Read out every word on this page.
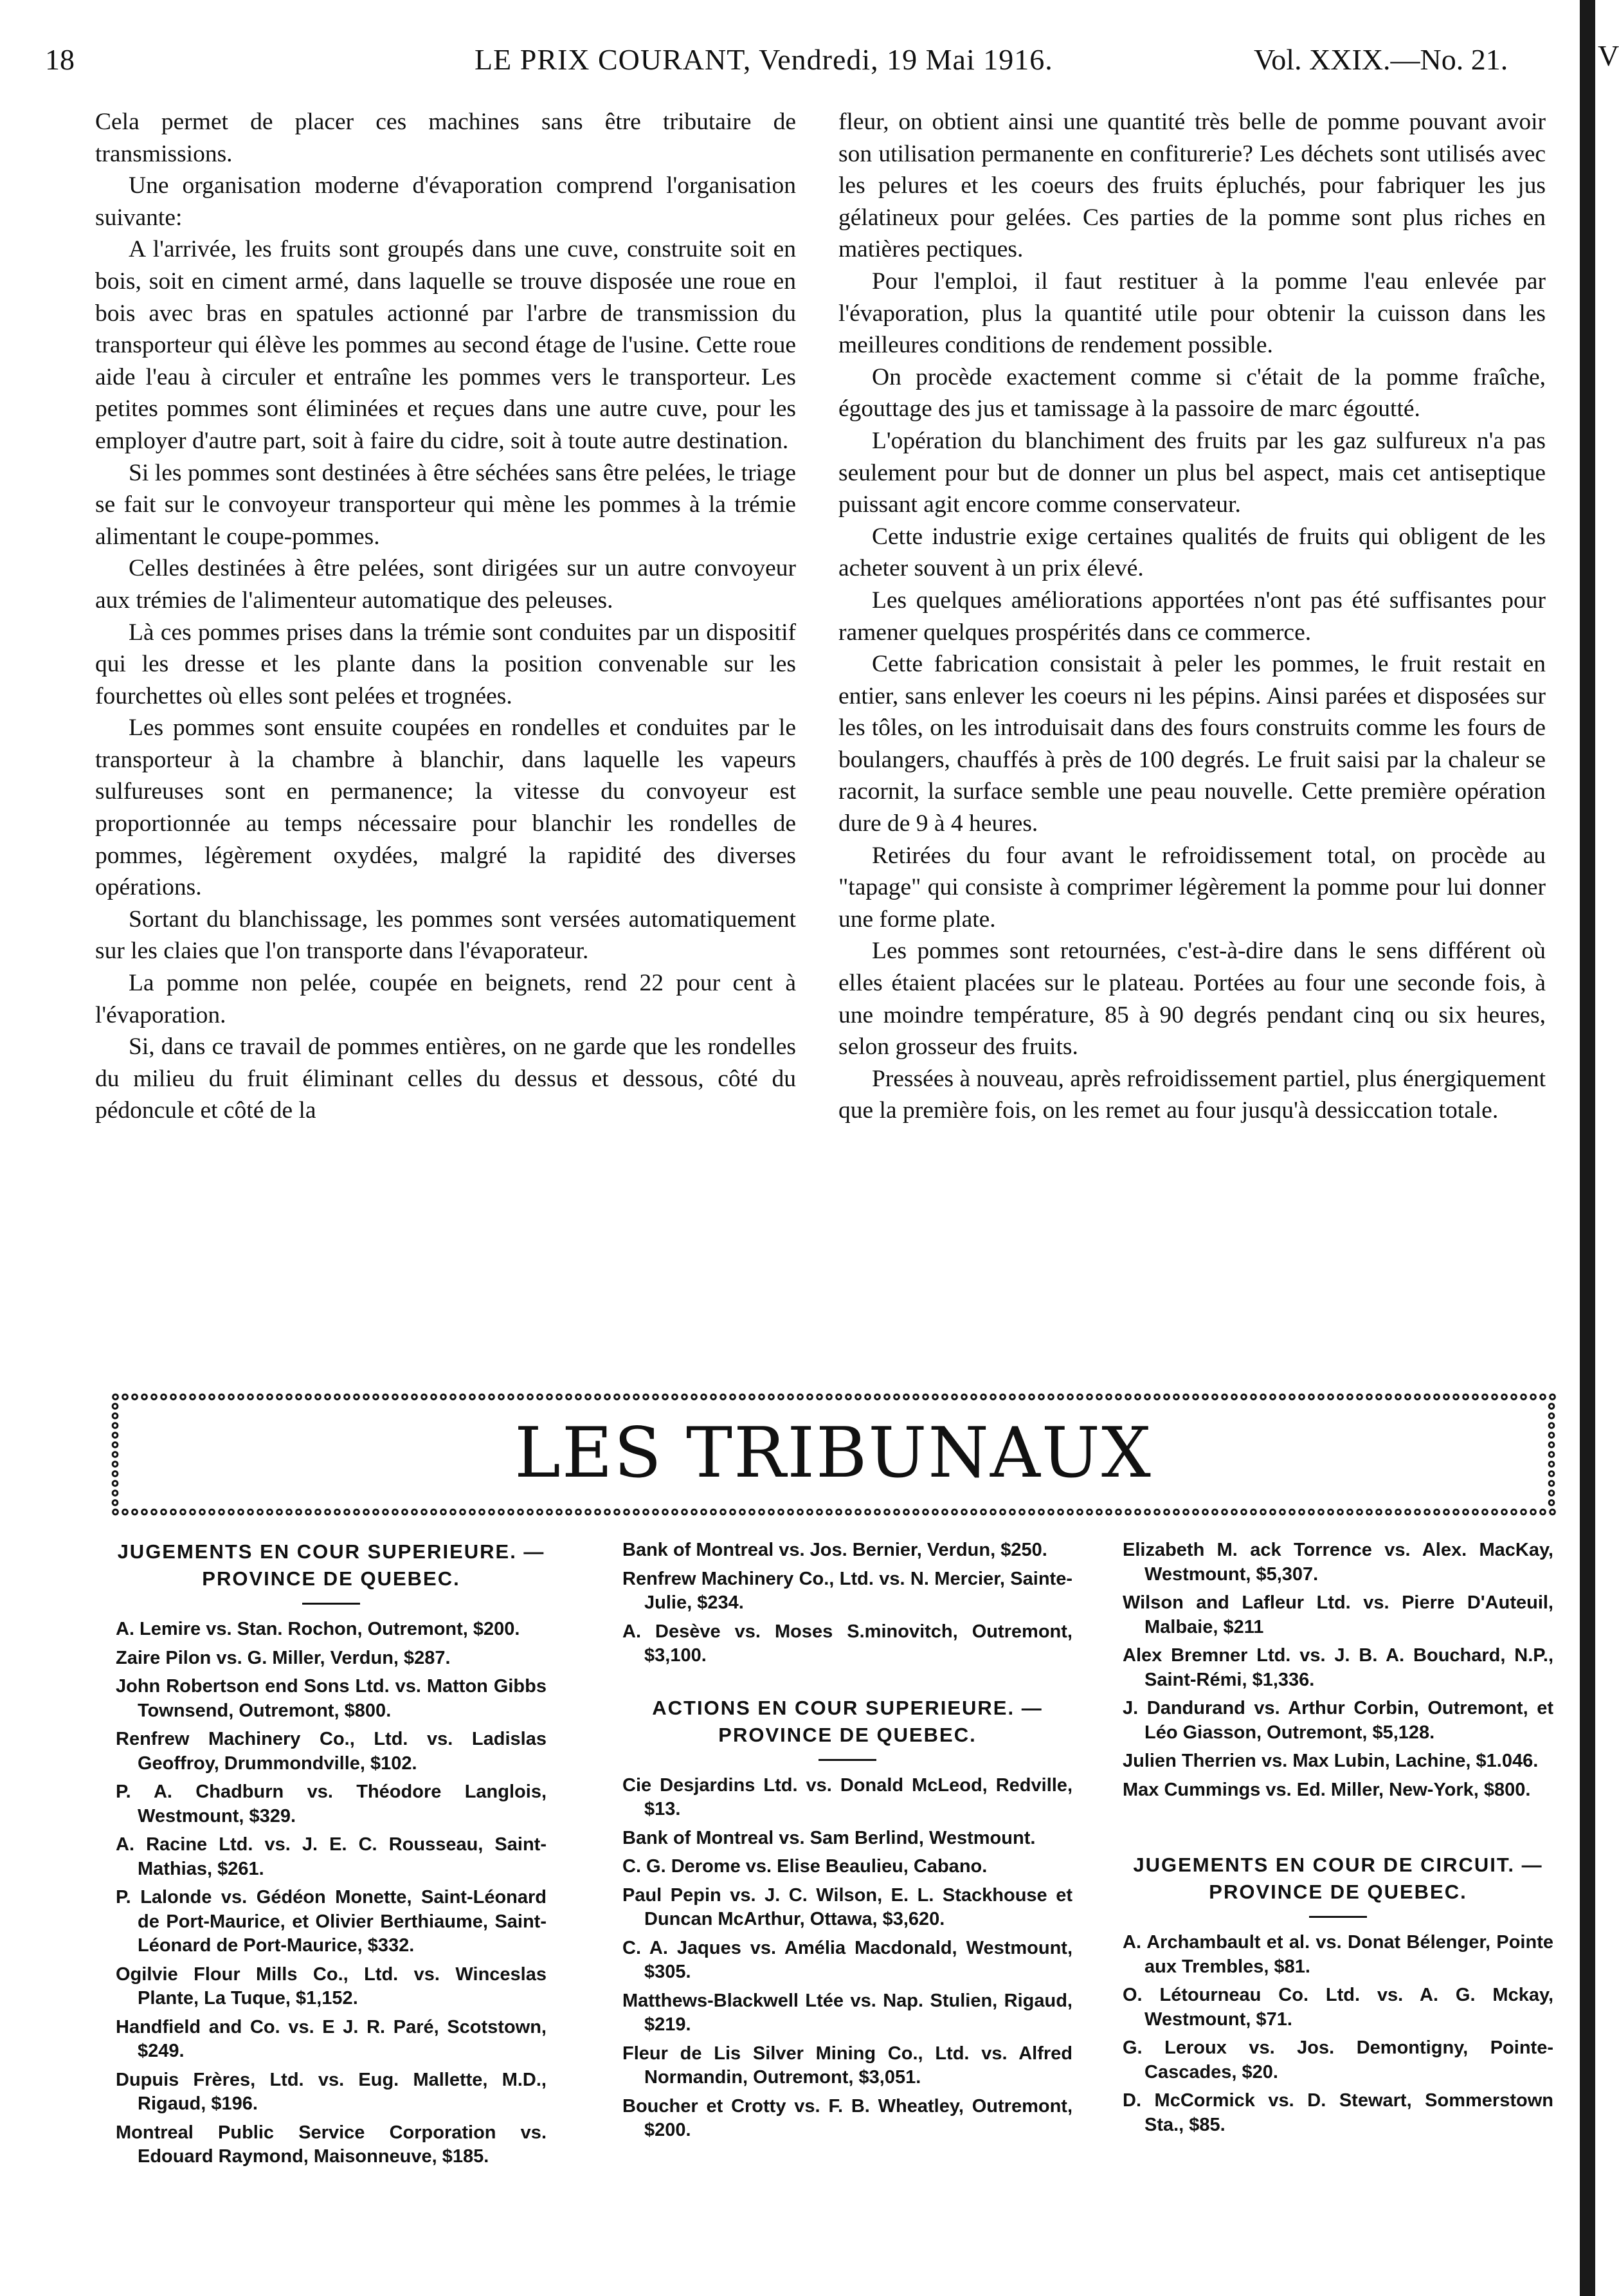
V
18	LE PRIX COURANT, Vendredi, 19 Mai 1916.	Vol. XXIX.—No. 21.

Cela permet de placer ces machines sans être tributaire de transmissions.

Une organisation moderne d'évaporation comprend l'organisation suivante:

A l'arrivée, les fruits sont groupés dans une cuve, construite soit en bois, soit en ciment armé, dans laquelle se trouve disposée une roue en bois avec bras en spatules actionné par l'arbre de transmission du transporteur qui élève les pommes au second étage de l'usine. Cette roue aide l'eau à circuler et entraîne les pommes vers le transporteur. Les petites pommes sont éliminées et reçues dans une autre cuve, pour les employer d'autre part, soit à faire du cidre, soit à toute autre destination.

Si les pommes sont destinées à être séchées sans être pelées, le triage se fait sur le convoyeur transporteur qui mène les pommes à la trémie alimentant le coupe-pommes.

Celles destinées à être pelées, sont dirigées sur un autre convoyeur aux trémies de l'alimenteur automatique des peleuses.

Là ces pommes prises dans la trémie sont conduites par un dispositif qui les dresse et les plante dans la position convenable sur les fourchettes où elles sont pelées et trognées.

Les pommes sont ensuite coupées en rondelles et conduites par le transporteur à la chambre à blanchir, dans laquelle les vapeurs sulfureuses sont en permanence; la vitesse du convoyeur est proportionnée au temps nécessaire pour blanchir les rondelles de pommes, légèrement oxydées, malgré la rapidité des diverses opérations.

Sortant du blanchissage, les pommes sont versées automatiquement sur les claies que l'on transporte dans l'évaporateur.

La pomme non pelée, coupée en beignets, rend 22 pour cent à l'évaporation.

Si, dans ce travail de pommes entières, on ne garde que les rondelles du milieu du fruit éliminant celles du dessus et dessous, côté du pédoncule et côté de la

fleur, on obtient ainsi une quantité très belle de pomme pouvant avoir son utilisation permanente en confiturerie? Les déchets sont utilisés avec les pelures et les coeurs des fruits épluchés, pour fabriquer les jus gélatineux pour gelées. Ces parties de la pomme sont plus riches en matières pectiques.

Pour l'emploi, il faut restituer à la pomme l'eau enlevée par l'évaporation, plus la quantité utile pour obtenir la cuisson dans les meilleures conditions de rendement possible.

On procède exactement comme si c'était de la pomme fraîche, égouttage des jus et tamissage à la passoire de marc égoutté.

L'opération du blanchiment des fruits par les gaz sulfureux n'a pas seulement pour but de donner un plus bel aspect, mais cet antiseptique puissant agit encore comme conservateur.

Cette industrie exige certaines qualités de fruits qui obligent de les acheter souvent à un prix élevé.

Les quelques améliorations apportées n'ont pas été suffisantes pour ramener quelques prospérités dans ce commerce.

Cette fabrication consistait à peler les pommes, le fruit restait en entier, sans enlever les coeurs ni les pépins. Ainsi parées et disposées sur les tôles, on les introduisait dans des fours construits comme les fours de boulangers, chauffés à près de 100 degrés. Le fruit saisi par la chaleur se racornit, la surface semble une peau nouvelle. Cette première opération dure de 9 à 4 heures.

Retirées du four avant le refroidissement total, on procède au "tapage" qui consiste à comprimer légèrement la pomme pour lui donner une forme plate.

Les pommes sont retournées, c'est-à-dire dans le sens différent où elles étaient placées sur le plateau. Portées au four une seconde fois, à une moindre température, 85 à 90 degrés pendant cinq ou six heures, selon grosseur des fruits.

Pressées à nouveau, après refroidissement partiel, plus énergiquement que la première fois, on les remet au four jusqu'à dessiccation totale.

LES TRIBUNAUX
JUGEMENTS EN COUR SUPERIEURE. — PROVINCE DE QUEBEC.

A. Lemire vs. Stan. Rochon, Outremont, $200.

Zaire Pilon vs. G. Miller, Verdun, $287.

John Robertson end Sons Ltd. vs. Matton Gibbs Townsend, Outremont, $800.

Renfrew Machinery Co., Ltd. vs. Ladislas Geoffroy, Drummondville, $102.

P. A. Chadburn vs. Théodore Langlois, Westmount, $329.

A. Racine Ltd. vs. J. E. C. Rousseau, Saint-Mathias, $261.

P. Lalonde vs. Gédéon Monette, Saint-Léonard de Port-Maurice, et Olivier Berthiaume, Saint-Léonard de Port-Maurice, $332.

Ogilvie Flour Mills Co., Ltd. vs. Winceslas Plante, La Tuque, $1,152.

Handfield and Co. vs. E J. R. Paré, Scotstown, $249.

Dupuis Frères, Ltd. vs. Eug. Mallette, M.D., Rigaud, $196.

Montreal Public Service Corporation vs. Edouard Raymond, Maisonneuve, $185.

Bank of Montreal vs. Jos. Bernier, Verdun, $250.

Renfrew Machinery Co., Ltd. vs. N. Mercier, Sainte-Julie, $234.

A. Desève vs. Moses S.minovitch, Outremont, $3,100.

ACTIONS EN COUR SUPERIEURE. — PROVINCE DE QUEBEC.

Cie Desjardins Ltd. vs. Donald McLeod, Redville, $13.

Bank of Montreal vs. Sam Berlind, Westmount.

C. G. Derome vs. Elise Beaulieu, Cabano.

Paul Pepin vs. J. C. Wilson, E. L. Stackhouse et Duncan McArthur, Ottawa, $3,620.

C. A. Jaques vs. Amélia Macdonald, Westmount, $305.

Matthews-Blackwell Ltée vs. Nap. Stulien, Rigaud, $219.

Fleur de Lis Silver Mining Co., Ltd. vs. Alfred Normandin, Outremont, $3,051.

Boucher et Crotty vs. F. B. Wheatley, Outremont, $200.

Elizabeth M. ack Torrence vs. Alex. MacKay, Westmount, $5,307.

Wilson and Lafleur Ltd. vs. Pierre D'Auteuil, Malbaie, $211

Alex Bremner Ltd. vs. J. B. A. Bouchard, N.P., Saint-Rémi, $1,336.

J. Dandurand vs. Arthur Corbin, Outremont, et Léo Giasson, Outremont, $5,128.

Julien Therrien vs. Max Lubin, Lachine, $1.046.

Max Cummings vs. Ed. Miller, New-York, $800.

JUGEMENTS EN COUR DE CIRCUIT. — PROVINCE DE QUEBEC.

A. Archambault et al. vs. Donat Bélenger, Pointe aux Trembles, $81.

O. Létourneau Co. Ltd. vs. A. G. Mckay, Westmount, $71.

G. Leroux vs. Jos. Demontigny, Pointe-Cascades, $20.

D. McCormick vs. D. Stewart, Sommerstown Sta., $85.
